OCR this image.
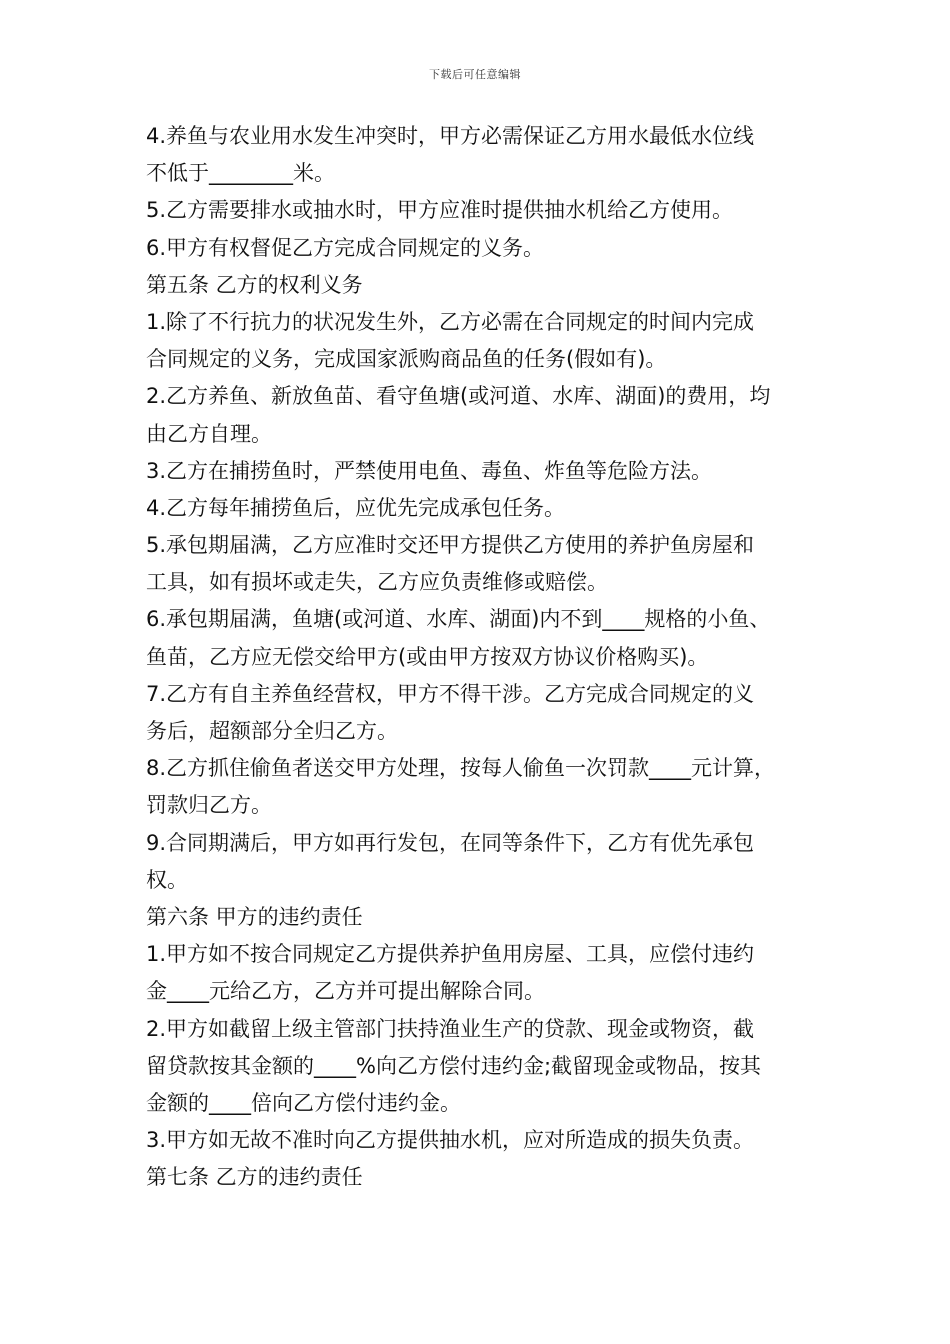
下载后可任意编辑
4.养鱼与农业用水发生冲突时，甲方必需保证乙方用水最低水位线
不低于________米。
5.乙方需要排水或抽水时，甲方应准时提供抽水机给乙方使用。
6.甲方有权督促乙方完成合同规定的义务。
第五条 乙方的权利义务
1.除了不行抗力的状况发生外，乙方必需在合同规定的时间内完成
合同规定的义务，完成国家派购商品鱼的任务(假如有)。
2.乙方养鱼、新放鱼苗、看守鱼塘(或河道、水库、湖面)的费用，均
由乙方自理。
3.乙方在捕捞鱼时，严禁使用电鱼、毒鱼、炸鱼等危险方法。
4.乙方每年捕捞鱼后，应优先完成承包任务。
5.承包期届满，乙方应准时交还甲方提供乙方使用的养护鱼房屋和
工具，如有损坏或走失，乙方应负责维修或赔偿。
6.承包期届满，鱼塘(或河道、水库、湖面)内不到____规格的小鱼、
鱼苗，乙方应无偿交给甲方(或由甲方按双方协议价格购买)。
7.乙方有自主养鱼经营权，甲方不得干涉。乙方完成合同规定的义
务后，超额部分全归乙方。
8.乙方抓住偷鱼者送交甲方处理，按每人偷鱼一次罚款____元计算，
罚款归乙方。
9.合同期满后，甲方如再行发包，在同等条件下，乙方有优先承包
权。
第六条 甲方的违约责任
1.甲方如不按合同规定乙方提供养护鱼用房屋、工具，应偿付违约
金____元给乙方，乙方并可提出解除合同。
2.甲方如截留上级主管部门扶持渔业生产的贷款、现金或物资，截
留贷款按其金额的____%向乙方偿付违约金;截留现金或物品，按其
金额的____倍向乙方偿付违约金。
3.甲方如无故不准时向乙方提供抽水机，应对所造成的损失负责。
第七条 乙方的违约责任
